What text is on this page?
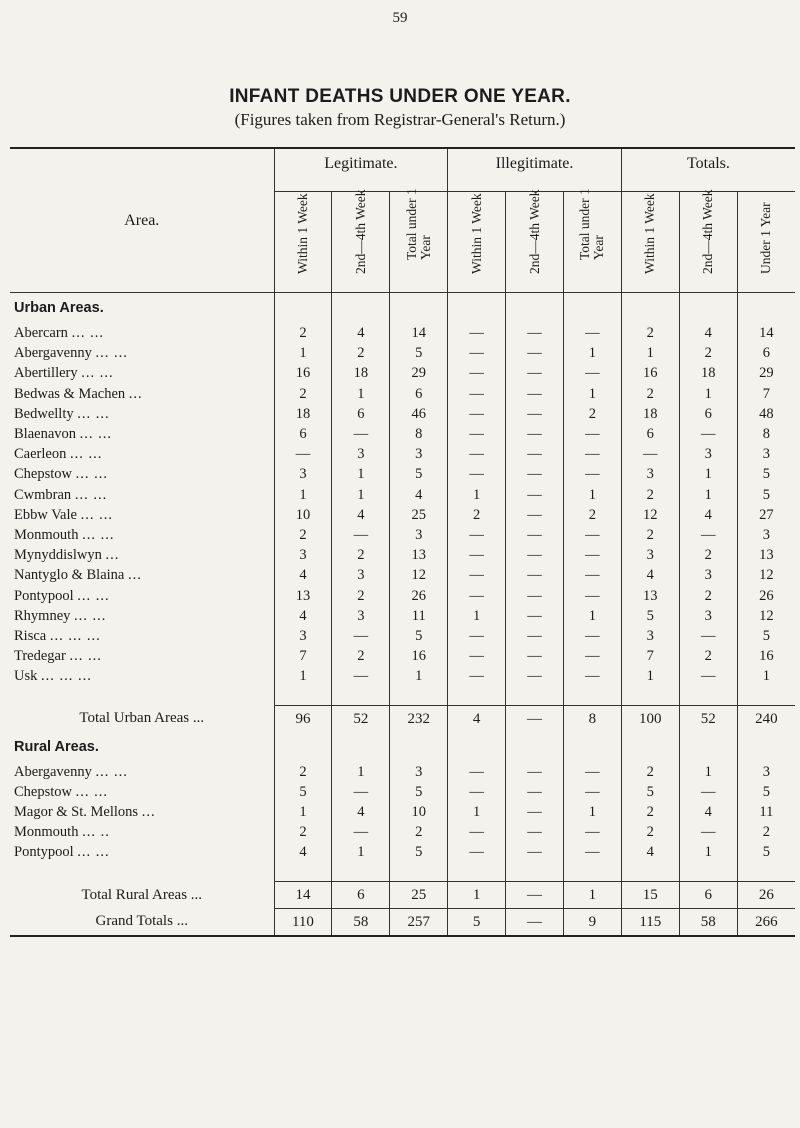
59
INFANT DEATHS UNDER ONE YEAR.
(Figures taken from Registrar-General's Return.)
Area.	Legitimate.			Illegitimate.			Totals.		

	Within 1 Week	2nd—4th Week	Total under 1 Year	Within 1 Week	2nd—4th Week	Total under 1 Year	Within 1 Week	2nd—4th Week	Under 1 Year

Urban Areas.									
Abercarn ... ...	2	4	14	—	—	—	2	4	14
Abergavenny ... ...	1	2	5	—	—	1	1	2	6
Abertillery ... ...	16	18	29	—	—	—	16	18	29
Bedwas & Machen ...	2	1	6	—	—	1	2	1	7
Bedwellty ... ...	18	6	46	—	—	2	18	6	48
Blaenavon ... ...	6	—	8	—	—	—	6	—	8
Caerleon ... ...	—	3	3	—	—	—	—	3	3
Chepstow ... ...	3	1	5	—	—	—	3	1	5
Cwmbran ... ...	1	1	4	1	—	1	2	1	5
Ebbw Vale ... ...	10	4	25	2	—	2	12	4	27
Monmouth ... ...	2	—	3	—	—	—	2	—	3
Mynyddislwyn ...	3	2	13	—	—	—	3	2	13
Nantyglo & Blaina ...	4	3	12	—	—	—	4	3	12
Pontypool ... ...	13	2	26	—	—	—	13	2	26
Rhymney ... ...	4	3	11	1	—	1	5	3	12
Risca ... ... ...	3	—	5	—	—	—	3	—	5
Tredegar ... ...	7	2	16	—	—	—	7	2	16
Usk ... ... ...	1	—	1	—	—	—	1	—	1

Total Urban Areas ...	96	52	232	4	—	8	100	52	240
Rural Areas.									
Abergavenny ... ...	2	1	3	—	—	—	2	1	3
Chepstow ... ...	5	—	5	—	—	—	5	—	5
Magor & St. Mellons ...	1	4	10	1	—	1	2	4	11
Monmouth ... ..	2	—	2	—	—	—	2	—	2
Pontypool ... ...	4	1	5	—	—	—	4	1	5

Total Rural Areas ...	14	6	25	1	—	1	15	6	26
Grand Totals ...	110	58	257	5	—	9	115	58	266
